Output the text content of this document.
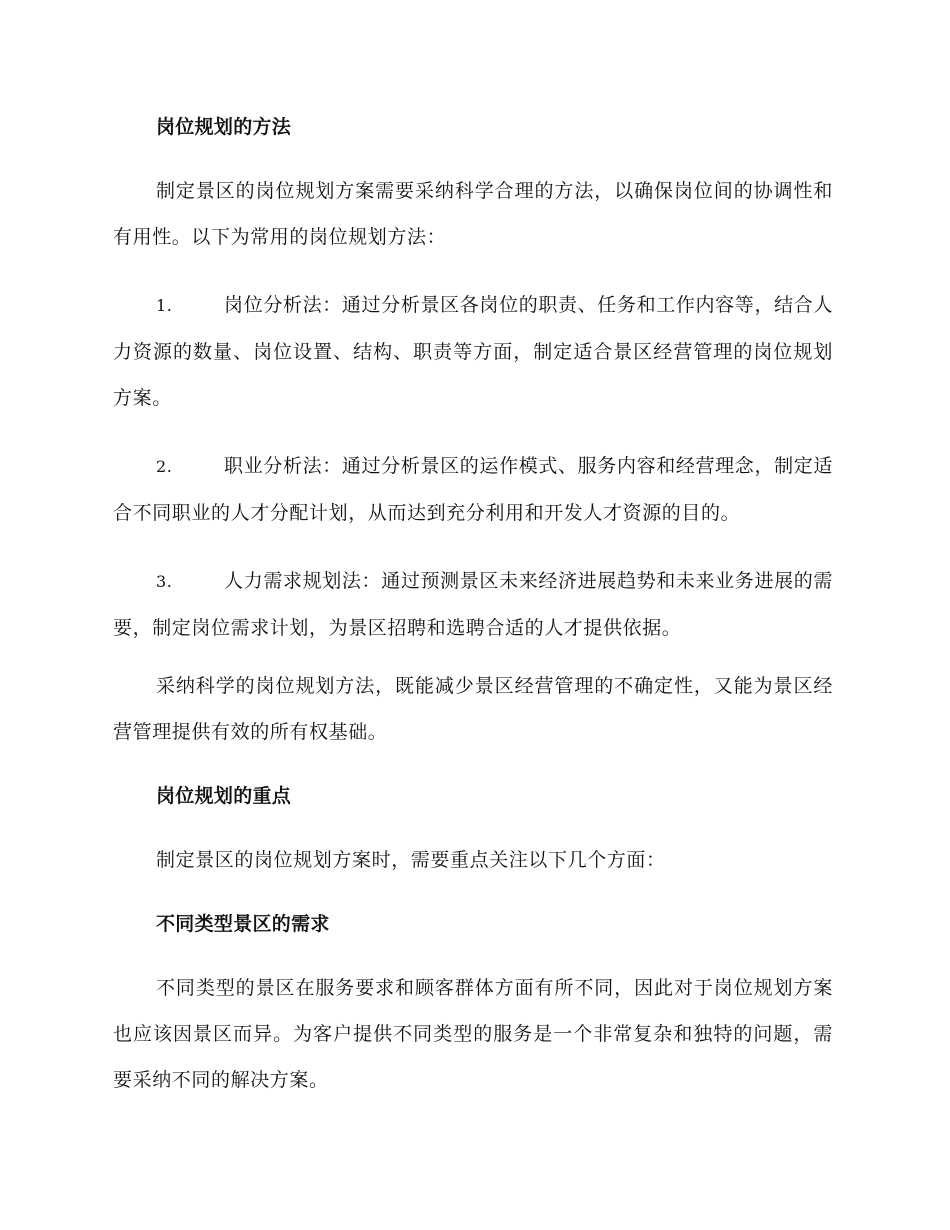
岗位规划的方法

制定景区的岗位规划方案需要采纳科学合理的方法，以确保岗位间的协调性和有用性。以下为常用的岗位规划方法：

1.	岗位分析法：通过分析景区各岗位的职责、任务和工作内容等，结合人力资源的数量、岗位设置、结构、职责等方面，制定适合景区经营管理的岗位规划方案。

2.	职业分析法：通过分析景区的运作模式、服务内容和经营理念，制定适合不同职业的人才分配计划，从而达到充分利用和开发人才资源的目的。

3.	人力需求规划法：通过预测景区未来经济进展趋势和未来业务进展的需要，制定岗位需求计划，为景区招聘和选聘合适的人才提供依据。

采纳科学的岗位规划方法，既能减少景区经营管理的不确定性，又能为景区经营管理提供有效的所有权基础。

岗位规划的重点

制定景区的岗位规划方案时，需要重点关注以下几个方面：

不同类型景区的需求

不同类型的景区在服务要求和顾客群体方面有所不同，因此对于岗位规划方案也应该因景区而异。为客户提供不同类型的服务是一个非常复杂和独特的问题，需要采纳不同的解决方案。
